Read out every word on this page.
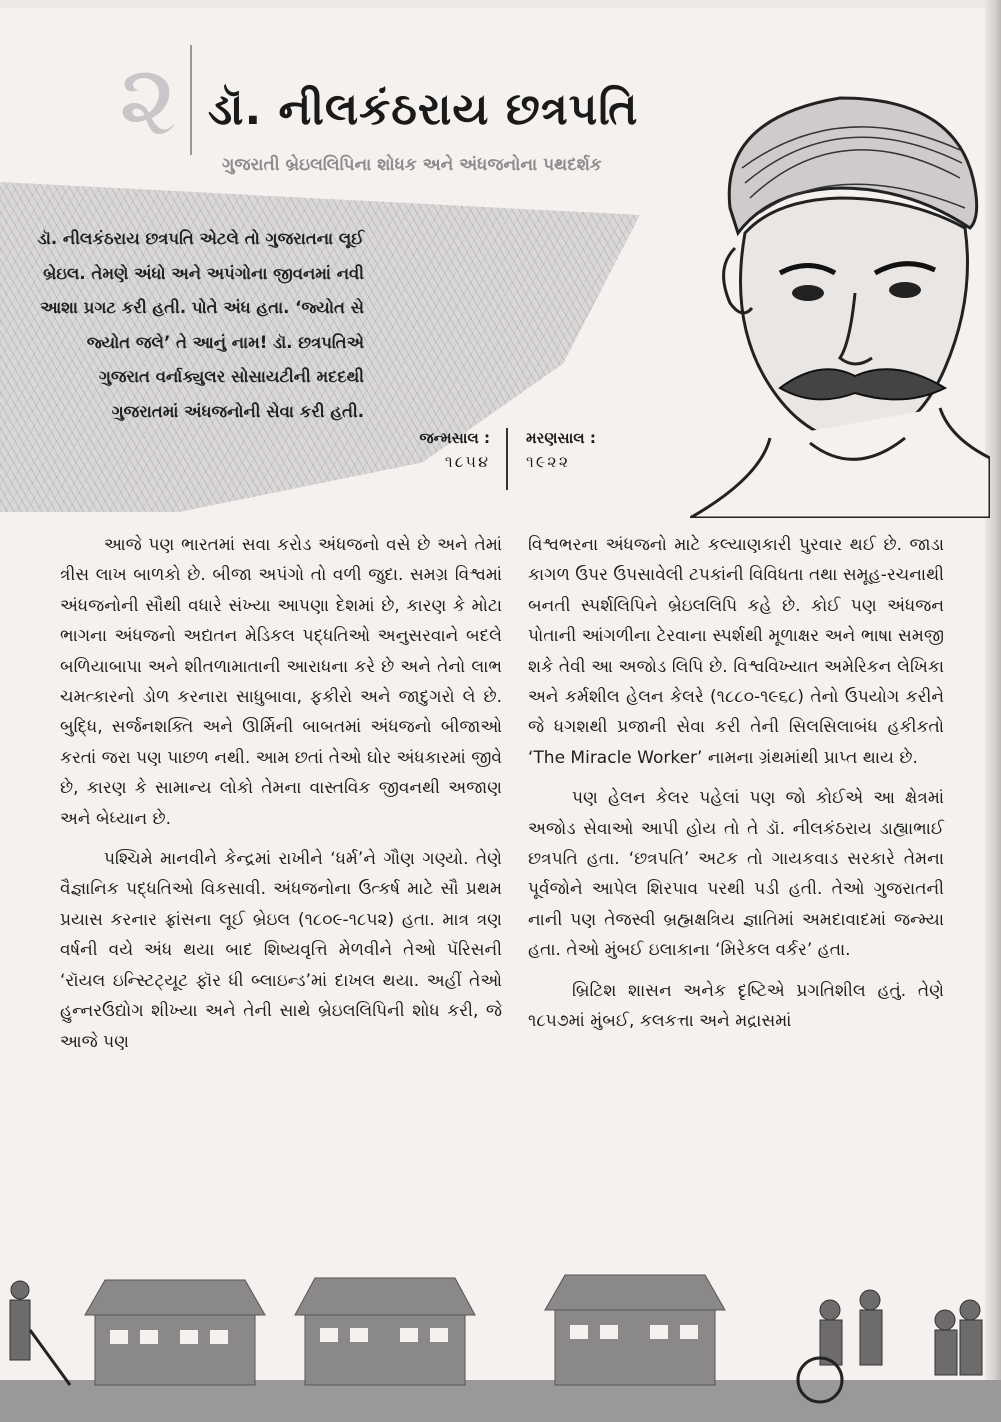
૨ ડૉ. નીલકંઠરાય છત્રપતિ
ગુજરાતી બ્રેઇલલિપિના શોધક અને અંધજનોના પથદર્શક
ડૉ. નીલકંઠરાય છત્રપતિ એટલે તો ગુજરાતના લૂઈ બ્રેઇલ. તેમણે અંધો અને અપંગોના જીવનમાં નવી આશા પ્રગટ કરી હતી. પોતે અંધ હતા. ‘જ્યોત સે જ્યોત જલે’ તે આનું નામ! ડૉ. છત્રપતિએ ગુજરાત વર્નાક્યુલર સોસાયટીની મદદથી ગુજરાતમાં અંધજનોની સેવા કરી હતી.
જન્મસાલ :
૧૮૫૪
મરણસાલ :
૧૯૨૨

આજે પણ ભારતમાં સવા કરોડ અંધજનો વસે છે અને તેમાં ત્રીસ લાખ બાળકો છે. બીજા અપંગો તો વળી જુદા. સમગ્ર વિશ્વમાં અંધજનોની સૌથી વધારે સંખ્યા આપણા દેશમાં છે, કારણ કે મોટા ભાગના અંધજનો અદ્યતન મેડિકલ પદ્ધતિઓ અનુસરવાને બદલે બળિયાબાપા અને શીતળામાતાની આરાધના કરે છે અને તેનો લાભ ચમત્કારનો ડોળ કરનારા સાધુબાવા, ફકીરો અને જાદુગરો લે છે. બુદ્ધિ, સર્જનશક્તિ અને ઊર્મિની બાબતમાં અંધજનો બીજાઓ કરતાં જરા પણ પાછળ નથી. આમ છતાં તેઓ ઘોર અંધકારમાં જીવે છે, કારણ કે સામાન્ય લોકો તેમના વાસ્તવિક જીવનથી અજાણ અને બેધ્યાન છે.

પશ્ચિમે માનવીને કેન્દ્રમાં રાખીને ‘ધર્મ’ને ગૌણ ગણ્યો. તેણે વૈજ્ઞાનિક પદ્ધતિઓ વિકસાવી. અંધજનોના ઉત્કર્ષ માટે સૌ પ્રથમ પ્રયાસ કરનાર ફ્રાંસના લૂઈ બ્રેઇલ (૧૮૦૯-૧૮૫૨) હતા. માત્ર ત્રણ વર્ષની વયે અંધ થયા બાદ શિષ્યવૃત્તિ મેળવીને તેઓ પૅરિસની ‘રૉયલ ઇન્સ્ટિટ્યૂટ ફૉર ધી બ્લાઇન્ડ’માં દાખલ થયા. અહીં તેઓ હુન્નરઉદ્યોગ શીખ્યા અને તેની સાથે બ્રેઇલલિપિની શોધ કરી, જે આજે પણ

વિશ્વભરના અંધજનો માટે કલ્યાણકારી પુરવાર થઈ છે. જાડા કાગળ ઉપર ઉપસાવેલી ટપકાંની વિવિધતા તથા સમૂહ-રચનાથી બનતી સ્પર્શલિપિને બ્રેઇલલિપિ કહે છે. કોઈ પણ અંધજન પોતાની આંગળીના ટેરવાના સ્પર્શથી મૂળાક્ષર અને ભાષા સમજી શકે તેવી આ અજોડ લિપિ છે. વિશ્વવિખ્યાત અમેરિકન લેખિકા અને કર્મશીલ હેલન કેલરે (૧૮૮૦-૧૯૬૮) તેનો ઉપયોગ કરીને જે ધગશથી પ્રજાની સેવા કરી તેની સિલસિલાબંધ હકીકતો ‘The Miracle Worker’ નામના ગ્રંથમાંથી પ્રાપ્ત થાય છે.

પણ હેલન કેલર પહેલાં પણ જો કોઈએ આ ક્ષેત્રમાં અજોડ સેવાઓ આપી હોય તો તે ડૉ. નીલકંઠરાય ડાહ્યાભાઈ છત્રપતિ હતા. ‘છત્રપતિ’ અટક તો ગાયકવાડ સરકારે તેમના પૂર્વજોને આપેલ શિરપાવ પરથી પડી હતી. તેઓ ગુજરાતની નાની પણ તેજસ્વી બ્રહ્મક્ષત્રિય જ્ઞાતિમાં અમદાવાદમાં જન્મ્યા હતા. તેઓ મુંબઈ ઇલાકાના ‘મિરેકલ વર્કર’ હતા.

બ્રિટિશ શાસન અનેક દૃષ્ટિએ પ્રગતિશીલ હતું. તેણે ૧૮૫૭માં મુંબઈ, કલકત્તા અને મદ્રાસમાં
